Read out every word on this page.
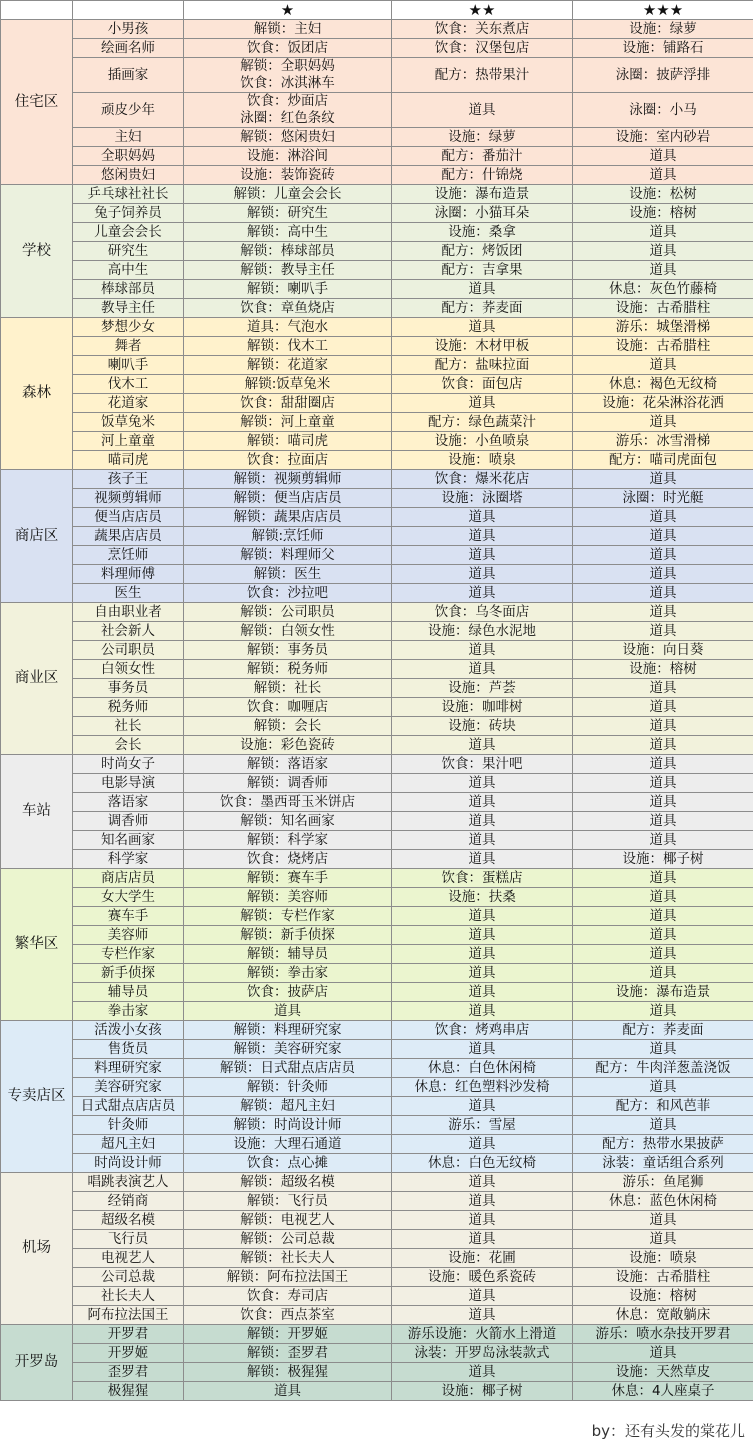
		★	★★	★★★
住宅区	小男孩	解锁：主妇	饮食：关东煮店	设施：绿萝
	绘画名师	饮食：饭团店	饮食：汉堡包店	设施：铺路石
	插画家	解锁：全职妈妈
饮食：冰淇淋车	配方：热带果汁	泳圈：披萨浮排
	顽皮少年	饮食：炒面店
泳圈：红色条纹	道具	泳圈：小马
	主妇	解锁：悠闲贵妇	设施：绿萝	设施：室内砂岩
	全职妈妈	设施：淋浴间	配方：番茄汁	道具
	悠闲贵妇	设施：装饰瓷砖	配方：什锦烧	道具
学校	乒乓球社社长	解锁：儿童会会长	设施：瀑布造景	设施：松树
	兔子饲养员	解锁：研究生	泳圈：小猫耳朵	设施：榕树
	儿童会会长	解锁：高中生	设施：桑拿	道具
	研究生	解锁：棒球部员	配方：烤饭团	道具
	高中生	解锁：教导主任	配方：吉拿果	道具
	棒球部员	解锁：喇叭手	道具	休息：灰色竹藤椅
	教导主任	饮食：章鱼烧店	配方：荞麦面	设施：古希腊柱
森林	梦想少女	道具：气泡水	道具	游乐：城堡滑梯
	舞者	解锁：伐木工	设施：木材甲板	设施：古希腊柱
	喇叭手	解锁：花道家	配方：盐味拉面	道具
	伐木工	解锁:饭草兔米	饮食：面包店	休息：褐色无纹椅
	花道家	饮食：甜甜圈店	道具	设施：花朵淋浴花洒
	饭草兔米	解锁：河上童童	配方：绿色蔬菜汁	道具
	河上童童	解锁：喵司虎	设施：小鱼喷泉	游乐：冰雪滑梯
	喵司虎	饮食：拉面店	设施：喷泉	配方：喵司虎面包
商店区	孩子王	解锁：视频剪辑师	饮食：爆米花店	道具
	视频剪辑师	解锁：便当店店员	设施：泳圈塔	泳圈：时光艇
	便当店店员	解锁：蔬果店店员	道具	道具
	蔬果店店员	解锁:烹饪师	道具	道具
	烹饪师	解锁：料理师父	道具	道具
	料理师傅	解锁：医生	道具	道具
	医生	饮食：沙拉吧	道具	道具
商业区	自由职业者	解锁：公司职员	饮食：乌冬面店	道具
	社会新人	解锁：白领女性	设施：绿色水泥地	道具
	公司职员	解锁：事务员	道具	设施：向日葵
	白领女性	解锁：税务师	道具	设施：榕树
	事务员	解锁：社长	设施：芦荟	道具
	税务师	饮食：咖喱店	设施：咖啡树	道具
	社长	解锁：会长	设施：砖块	道具
	会长	设施：彩色瓷砖	道具	道具
车站	时尚女子	解锁：落语家	饮食：果汁吧	道具
	电影导演	解锁：调香师	道具	道具
	落语家	饮食：墨西哥玉米饼店	道具	道具
	调香师	解锁：知名画家	道具	道具
	知名画家	解锁：科学家	道具	道具
	科学家	饮食：烧烤店	道具	设施：椰子树
繁华区	商店店员	解锁：赛车手	饮食：蛋糕店	道具
	女大学生	解锁：美容师	设施：扶桑	道具
	赛车手	解锁：专栏作家	道具	道具
	美容师	解锁：新手侦探	道具	道具
	专栏作家	解锁：辅导员	道具	道具
	新手侦探	解锁：拳击家	道具	道具
	辅导员	饮食：披萨店	道具	设施：瀑布造景
	拳击家	道具	道具	道具
专卖店区	活泼小女孩	解锁：料理研究家	饮食：烤鸡串店	配方：荞麦面
	售货员	解锁：美容研究家	道具	道具
	料理研究家	解锁：日式甜点店店员	休息：白色休闲椅	配方：牛肉洋葱盖浇饭
	美容研究家	解锁：针灸师	休息：红色塑料沙发椅	道具
	日式甜点店店员	解锁：超凡主妇	道具	配方：和风芭菲
	针灸师	解锁：时尚设计师	游乐：雪屋	道具
	超凡主妇	设施：大理石通道	道具	配方：热带水果披萨
	时尚设计师	饮食：点心摊	休息：白色无纹椅	泳装：童话组合系列
机场	唱跳表演艺人	解锁：超级名模	道具	游乐：鱼尾狮
	经销商	解锁：飞行员	道具	休息：蓝色休闲椅
	超级名模	解锁：电视艺人	道具	道具
	飞行员	解锁：公司总裁	道具	道具
	电视艺人	解锁：社长夫人	设施：花圃	设施：喷泉
	公司总裁	解锁：阿布拉法国王	设施：暖色系瓷砖	设施：古希腊柱
	社长夫人	饮食：寿司店	道具	设施：榕树
	阿布拉法国王	饮食：西点茶室	道具	休息：宽敞躺床
开罗岛	开罗君	解锁：开罗姬	游乐设施：火箭水上滑道	游乐：喷水杂技开罗君
	开罗姬	解锁：歪罗君	泳装：开罗岛泳装款式	道具
	歪罗君	解锁：极猩猩	道具	设施：天然草皮
	极猩猩	道具	设施：椰子树	休息：4人座桌子
by：还有头发的棠花儿
